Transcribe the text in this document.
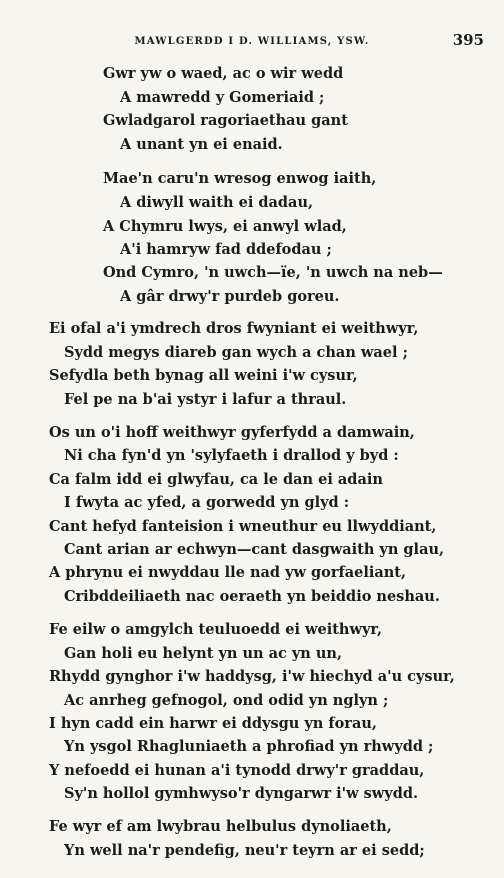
MAWLGERDD I D. WILLIAMS, YSW.	395
Gwr yw o waed, ac o wir wedd
A mawredd y Gomeriaid ;
Gwladgarol ragoriaethau gant
A unant yn ei enaid.
Mae'n caru'n wresog enwog iaith,
A diwyll waith ei dadau,
A Chymru lwys, ei anwyl wlad,
A'i hamryw fad ddefodau ;
Ond Cymro, 'n uwch—ïe, 'n uwch na neb—
A gâr drwy'r purdeb goreu.
Ei ofal a'i ymdrech dros fwyniant ei weithwyr,
Sydd megys diareb gan wych a chan wael ;
Sefydla beth bynag all weini i'w cysur,
Fel pe na b'ai ystyr i lafur a thraul.
Os un o'i hoff weithwyr gyferfydd a damwain,
Ni cha fyn'd yn 'sylyfaeth i drallod y byd :
Ca falm idd ei glwyfau, ca le dan ei adain
I fwyta ac yfed, a gorwedd yn glyd :
Cant hefyd fanteision i wneuthur eu llwyddiant,
Cant arian ar echwyn—cant dasgwaith yn glau,
A phrynu ei nwyddau lle nad yw gorfaeliant,
Cribddeiliaeth nac oeraeth yn beiddio neshau.
Fe eilw o amgylch teuluoedd ei weithwyr,
Gan holi eu helynt yn un ac yn un,
Rhydd gynghor i'w haddysg, i'w hiechyd a'u cysur,
Ac anrheg gefnogol, ond odid yn nglyn ;
I hyn cadd ein harwr ei ddysgu yn forau,
Yn ysgol Rhagluniaeth a phrofiad yn rhwydd ;
Y nefoedd ei hunan a'i tynodd drwy'r graddau,
Sy'n hollol gymhwyso'r dyngarwr i'w swydd.
Fe wyr ef am lwybrau helbulus dynoliaeth,
Yn well na'r pendefig, neu'r teyrn ar ei sedd;
